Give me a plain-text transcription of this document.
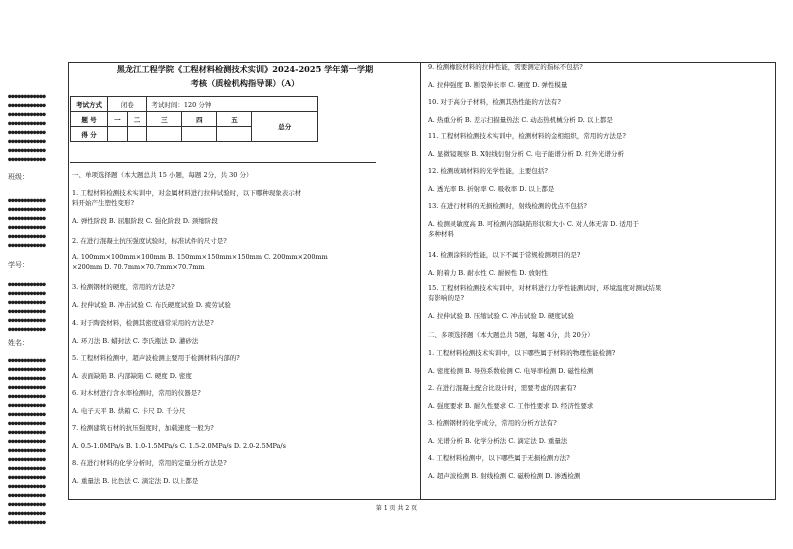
●●●●●●●●●●●●
●●●●●●●●●●●●
●●●●●●●●●●●●
●●●●●●●●●●●●
●●●●●●●●●●●●
●●●●●●●●●●●●
●●●●●●●●●●●●
●●●●●●●●●●●●
班级：
●●●●●●●●●●●●
●●●●●●●●●●●●
●●●●●●●●●●●●
●●●●●●●●●●●●
●●●●●●●●●●●●
●●●●●●●●●●●●
学号：
●●●●●●●●●●●●
●●●●●●●●●●●●
●●●●●●●●●●●●
●●●●●●●●●●●●
●●●●●●●●●●●●
●●●●●●●●●●●●
姓名：
●●●●●●●●●●●●
●●●●●●●●●●●●
●●●●●●●●●●●●
●●●●●●●●●●●●
●●●●●●●●●●●●
●●●●●●●●●●●●
●●●●●●●●●●●●
●●●●●●●●●●●●
●●●●●●●●●●●●
●●●●●●●●●●●●
●●●●●●●●●●●●
●●●●●●●●●●●●
●●●●●●●●●●●●
●●●●●●●●●●●●
●●●●●●●●●●●●
●●●●●●●●●●●●
●●●●●●●●●●●●
●●●●●●●●●●●●
●●●●●●●●●●●●
黑龙江工程学院《工程材料检测技术实训》2024-2025 学年第一学期
考核（质检机构指导课）（A）
考试方式	闭卷		考试时间：120 分钟			
题 号	一	二	三	四	五	总分
得 分						
一、单项选择题（本大题总共 15 小题，每题 2分，共 30 分）
1. 工程材料检测技术实训中，对金属材料进行拉伸试验时，以下哪种现象表示材
料开始产生塑性变形?
A. 弹性阶段 B. 屈服阶段 C. 强化阶段 D. 颈缩阶段
2. 在进行混凝土抗压强度试验时，标准试件的尺寸是?
A. 100mm×100mm×100mm B. 150mm×150mm×150mm C. 200mm×200mm
×200mm D. 70.7mm×70.7mm×70.7mm
3. 检测钢材的硬度，常用的方法是?
A. 拉伸试验 B. 冲击试验 C. 布氏硬度试验 D. 疲劳试验
4. 对于陶瓷材料，检测其密度通常采用的方法是?
A. 环刀法 B. 蜡封法 C. 李氏瓶法 D. 灌砂法
5. 工程材料检测中，超声波检测主要用于检测材料内部的?
A. 表面缺陷 B. 内部缺陷 C. 硬度 D. 密度
6. 对木材进行含水率检测时，常用的仪器是?
A. 电子天平 B. 烘箱 C. 卡尺 D. 千分尺
7. 检测建筑石材的抗压强度时，加载速度一般为?
A. 0.5-1.0MPa/s B. 1.0-1.5MPa/s C. 1.5-2.0MPa/s D. 2.0-2.5MPa/s
8. 在进行材料的化学分析时，常用的定量分析方法是?
A. 重量法 B. 比色法 C. 滴定法 D. 以上都是
9. 检测橡胶材料的拉伸性能，需要测定的指标不包括?
A. 拉伸强度 B. 断裂伸长率 C. 硬度 D. 弹性模量
10. 对于高分子材料，检测其热性能的方法有?
A. 热重分析 B. 差示扫描量热法 C. 动态热机械分析 D. 以上都是
11. 工程材料检测技术实训中，检测材料的金相组织，常用的方法是?
A. 显微镜观察 B. X射线衍射分析 C. 电子能谱分析 D. 红外光谱分析
12. 检测玻璃材料的光学性能，主要包括?
A. 透光率 B. 折射率 C. 吸收率 D. 以上都是
13. 在进行材料的无损检测时，射线检测的优点不包括?
A. 检测灵敏度高 B. 可检测内部缺陷形状和大小 C. 对人体无害 D. 适用于
多种材料
14. 检测涂料的性能，以下不属于常规检测项目的是?
A. 附着力 B. 耐水性 C. 耐候性 D. 放射性
15. 工程材料检测技术实训中，对材料进行力学性能测试时，环境温度对测试结果
有影响的是?
A. 拉伸试验 B. 压缩试验 C. 冲击试验 D. 硬度试验
二、多项选择题（本大题总共 5题，每题 4分，共 20分）
1. 工程材料检测技术实训中，以下哪些属于材料的物理性能检测?
A. 密度检测 B. 导热系数检测 C. 电导率检测 D. 磁性检测
2. 在进行混凝土配合比设计时，需要考虑的因素有?
A. 强度要求 B. 耐久性要求 C. 工作性要求 D. 经济性要求
3. 检测钢材的化学成分，常用的分析方法有?
A. 光谱分析 B. 化学分析法 C. 滴定法 D. 重量法
4. 工程材料检测中，以下哪些属于无损检测方法?
A. 超声波检测 B. 射线检测 C. 磁粉检测 D. 渗透检测
第 1 页 共 2 页
